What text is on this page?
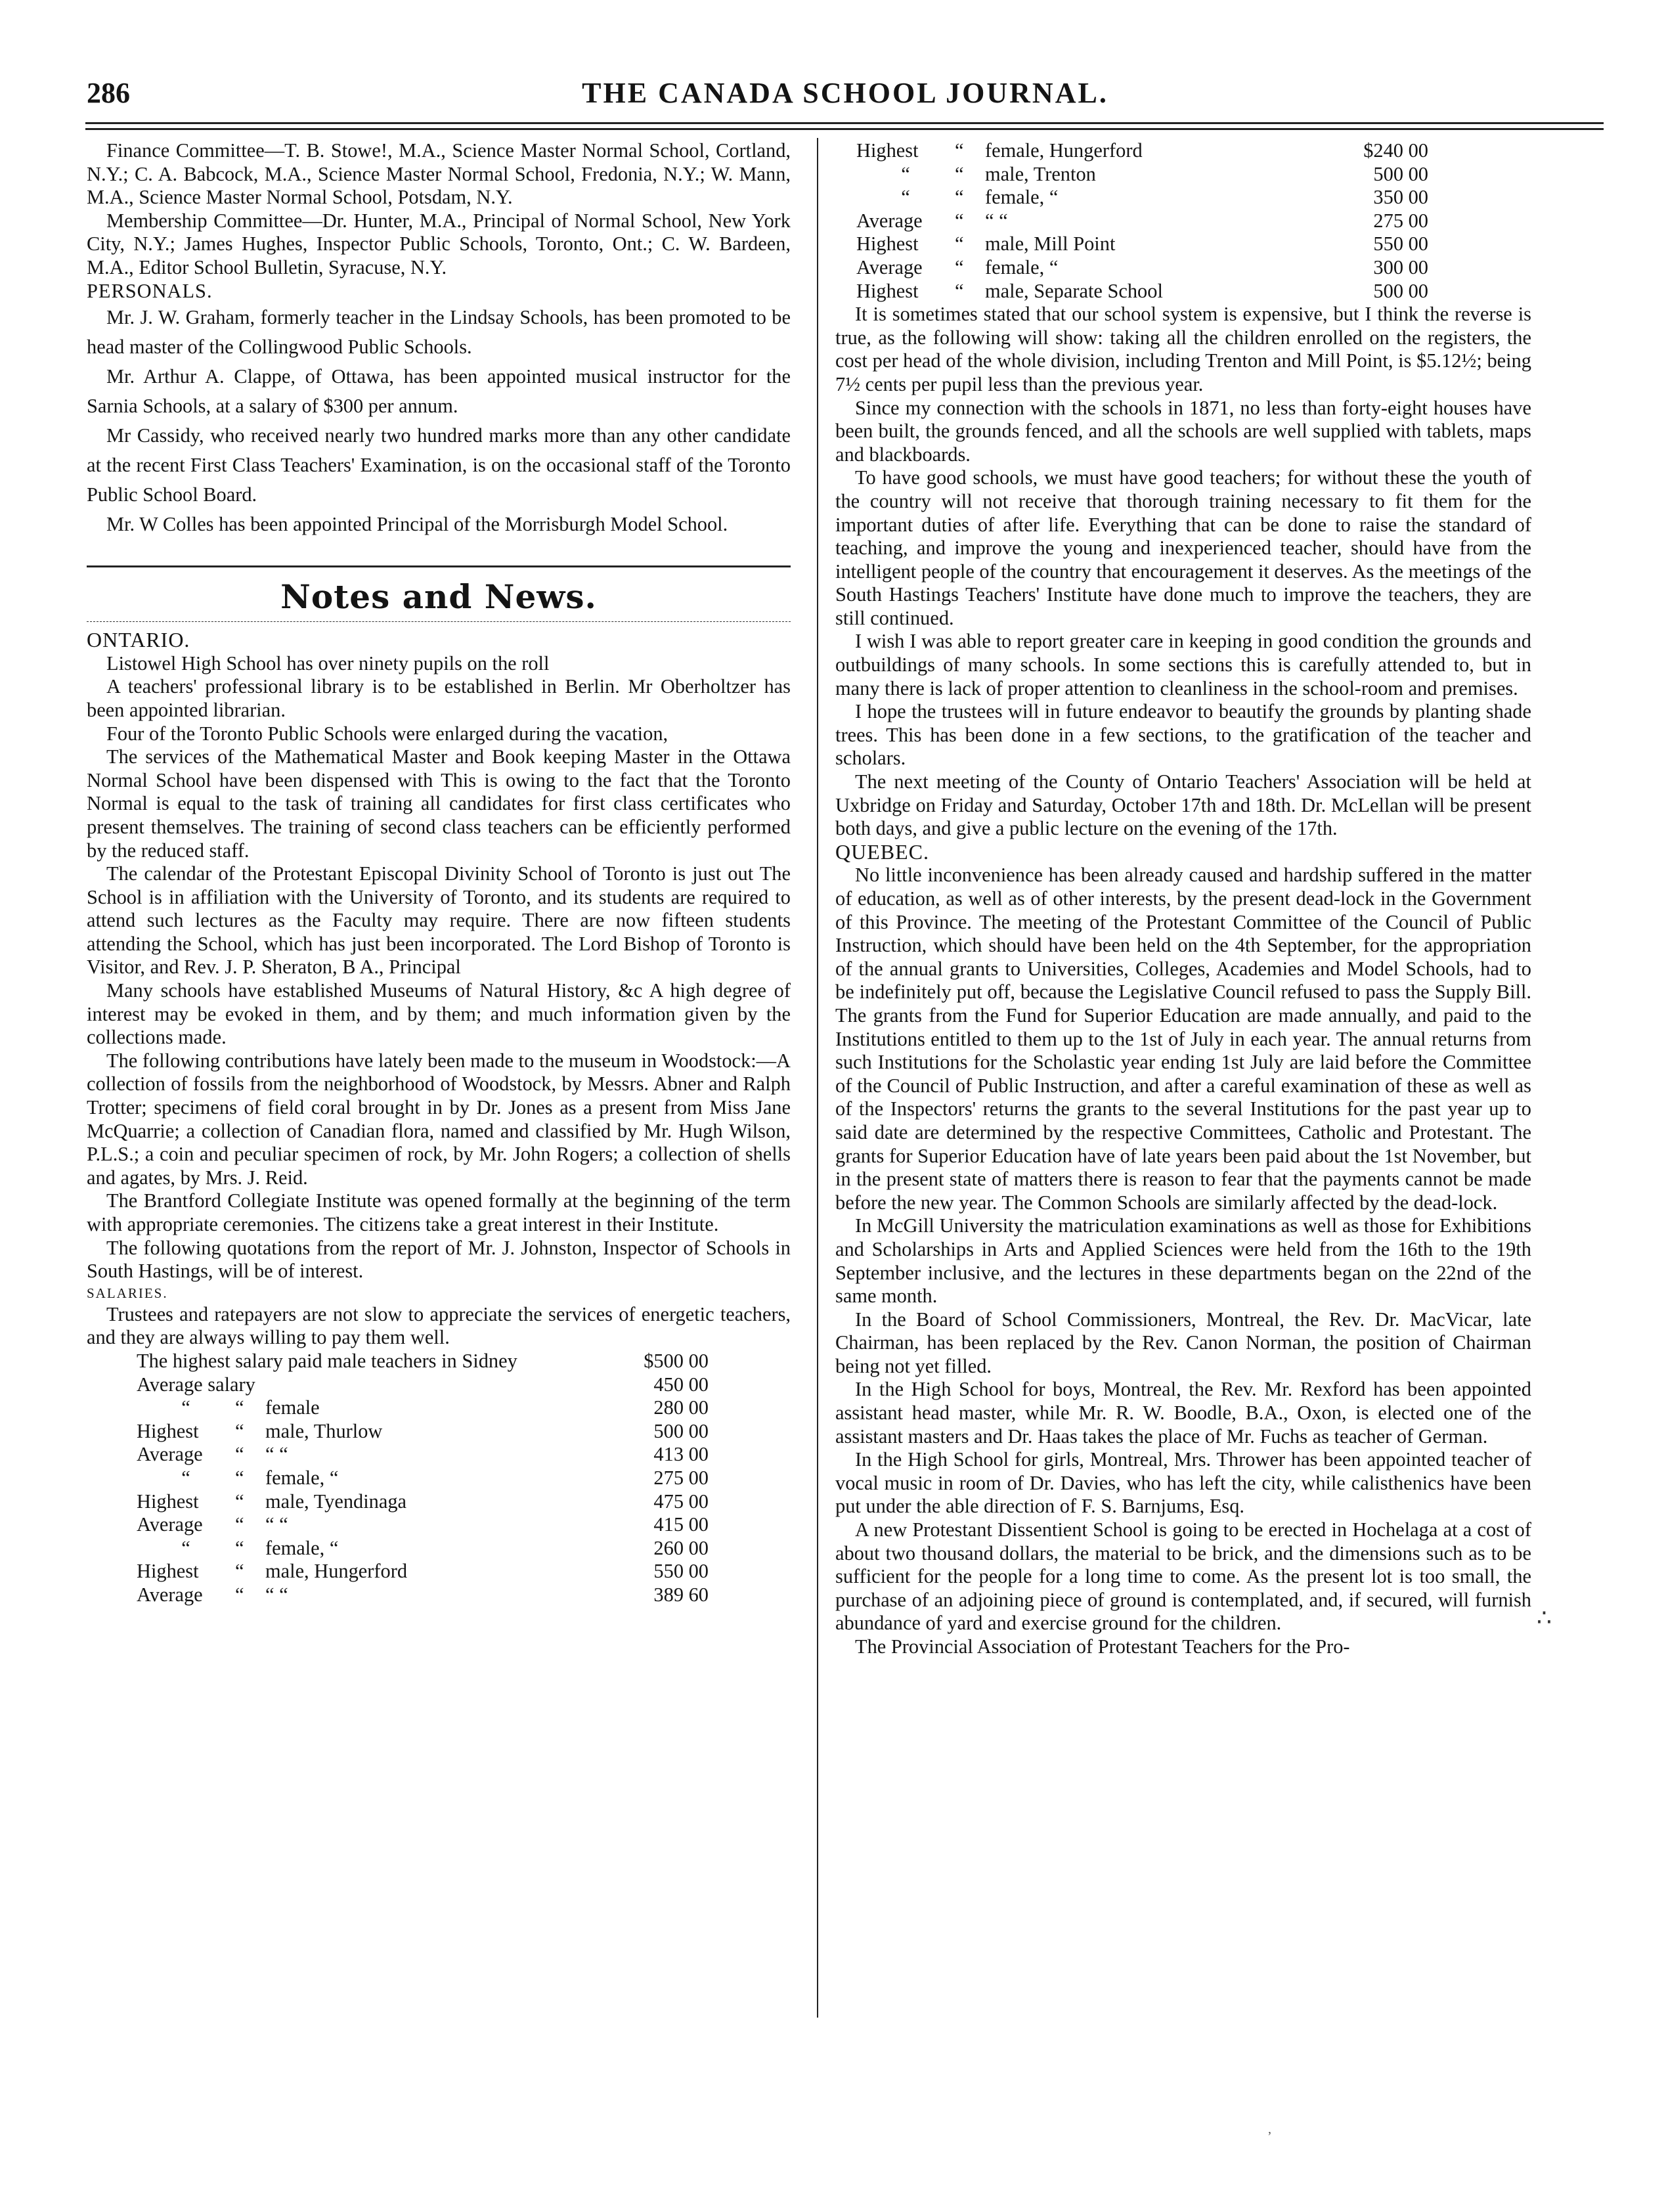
286	THE CANADA SCHOOL JOURNAL.

Finance Committee—T. B. Stowe!, M.A., Science Master Normal School, Cortland, N.Y.; C. A. Babcock, M.A., Science Master Normal School, Fredonia, N.Y.; W. Mann, M.A., Science Master Normal School, Potsdam, N.Y.

Membership Committee—Dr. Hunter, M.A., Principal of Normal School, New York City, N.Y.; James Hughes, Inspector Public Schools, Toronto, Ont.; C. W. Bardeen, M.A., Editor School Bulletin, Syracuse, N.Y.

PERSONALS.

Mr. J. W. Graham, formerly teacher in the Lindsay Schools, has been promoted to be head master of the Collingwood Public Schools.

Mr. Arthur A. Clappe, of Ottawa, has been appointed musical instructor for the Sarnia Schools, at a salary of $300 per annum.

Mr Cassidy, who received nearly two hundred marks more than any other candidate at the recent First Class Teachers' Examination, is on the occasional staff of the Toronto Public School Board.

Mr. W Colles has been appointed Principal of the Morrisburgh Model School.

Notes and News.

ONTARIO.

Listowel High School has over ninety pupils on the roll

A teachers' professional library is to be established in Berlin. Mr Oberholtzer has been appointed librarian.

Four of the Toronto Public Schools were enlarged during the vacation,

The services of the Mathematical Master and Book keeping Master in the Ottawa Normal School have been dispensed with This is owing to the fact that the Toronto Normal is equal to the task of training all candidates for first class certificates who present themselves. The training of second class teachers can be efficiently performed by the reduced staff.

The calendar of the Protestant Episcopal Divinity School of Toronto is just out The School is in affiliation with the University of Toronto, and its students are required to attend such lectures as the Faculty may require. There are now fifteen students attending the School, which has just been incorporated. The Lord Bishop of Toronto is Visitor, and Rev. J. P. Sheraton, B A., Principal

Many schools have established Museums of Natural History, &c A high degree of interest may be evoked in them, and by them; and much information given by the collections made.

The following contributions have lately been made to the museum in Woodstock:—A collection of fossils from the neighborhood of Woodstock, by Messrs. Abner and Ralph Trotter; specimens of field coral brought in by Dr. Jones as a present from Miss Jane McQuarrie; a collection of Canadian flora, named and classified by Mr. Hugh Wilson, P.L.S.; a coin and peculiar specimen of rock, by Mr. John Rogers; a collection of shells and agates, by Mrs. J. Reid.

The Brantford Collegiate Institute was opened formally at the beginning of the term with appropriate ceremonies. The citizens take a great interest in their Institute.

The following quotations from the report of Mr. J. Johnston, Inspector of Schools in South Hastings, will be of interest.

SALARIES.

Trustees and ratepayers are not slow to appreciate the services of energetic teachers, and they are always willing to pay them well.

The highest salary paid male teachers in Sidney			$500 00
Average salary			450 00
“	“	female	280 00
Highest	“	male, Thurlow	500 00
Average	“	“ “	413 00
“	“	female, “	275 00
Highest	“	male, Tyendinaga	475 00
Average	“	“ “	415 00
“	“	female, “	260 00
Highest	“	male, Hungerford	550 00
Average	“	“ “	389 60
Highest	“	female, Hungerford	$240 00
“	“	male, Trenton	500 00
“	“	female, “	350 00
Average	“	“ “	275 00
Highest	“	male, Mill Point	550 00
Average	“	female, “	300 00
Highest	“	male, Separate School	500 00

It is sometimes stated that our school system is expensive, but I think the reverse is true, as the following will show: taking all the children enrolled on the registers, the cost per head of the whole division, including Trenton and Mill Point, is $5.12½; being 7½ cents per pupil less than the previous year.

Since my connection with the schools in 1871, no less than forty-eight houses have been built, the grounds fenced, and all the schools are well supplied with tablets, maps and blackboards.

To have good schools, we must have good teachers; for without these the youth of the country will not receive that thorough training necessary to fit them for the important duties of after life. Everything that can be done to raise the standard of teaching, and improve the young and inexperienced teacher, should have from the intelligent people of the country that encouragement it deserves. As the meetings of the South Hastings Teachers' Institute have done much to improve the teachers, they are still continued.

I wish I was able to report greater care in keeping in good condition the grounds and outbuildings of many schools. In some sections this is carefully attended to, but in many there is lack of proper attention to cleanliness in the school-room and premises.

I hope the trustees will in future endeavor to beautify the grounds by planting shade trees. This has been done in a few sections, to the gratification of the teacher and scholars.

The next meeting of the County of Ontario Teachers' Association will be held at Uxbridge on Friday and Saturday, October 17th and 18th. Dr. McLellan will be present both days, and give a public lecture on the evening of the 17th.

QUEBEC.

No little inconvenience has been already caused and hardship suffered in the matter of education, as well as of other interests, by the present dead-lock in the Government of this Province. The meeting of the Protestant Committee of the Council of Public Instruction, which should have been held on the 4th September, for the appropriation of the annual grants to Universities, Colleges, Academies and Model Schools, had to be indefinitely put off, because the Legislative Council refused to pass the Supply Bill. The grants from the Fund for Superior Education are made annually, and paid to the Institutions entitled to them up to the 1st of July in each year. The annual returns from such Institutions for the Scholastic year ending 1st July are laid before the Committee of the Council of Public Instruction, and after a careful examination of these as well as of the Inspectors' returns the grants to the several Institutions for the past year up to said date are determined by the respective Committees, Catholic and Protestant. The grants for Superior Education have of late years been paid about the 1st November, but in the present state of matters there is reason to fear that the payments cannot be made before the new year. The Common Schools are similarly affected by the dead-lock.

In McGill University the matriculation examinations as well as those for Exhibitions and Scholarships in Arts and Applied Sciences were held from the 16th to the 19th September inclusive, and the lectures in these departments began on the 22nd of the same month.

In the Board of School Commissioners, Montreal, the Rev. Dr. MacVicar, late Chairman, has been replaced by the Rev. Canon Norman, the position of Chairman being not yet filled.

In the High School for boys, Montreal, the Rev. Mr. Rexford has been appointed assistant head master, while Mr. R. W. Boodle, B.A., Oxon, is elected one of the assistant masters and Dr. Haas takes the place of Mr. Fuchs as teacher of German.

In the High School for girls, Montreal, Mrs. Thrower has been appointed teacher of vocal music in room of Dr. Davies, who has left the city, while calisthenics have been put under the able direction of F. S. Barnjums, Esq.

A new Protestant Dissentient School is going to be erected in Hochelaga at a cost of about two thousand dollars, the material to be brick, and the dimensions such as to be sufficient for the people for a long time to come. As the present lot is too small, the purchase of an adjoining piece of ground is contemplated, and, if secured, will furnish abundance of yard and exercise ground for the children.

The Provincial Association of Protestant Teachers for the Pro-

∴
’
